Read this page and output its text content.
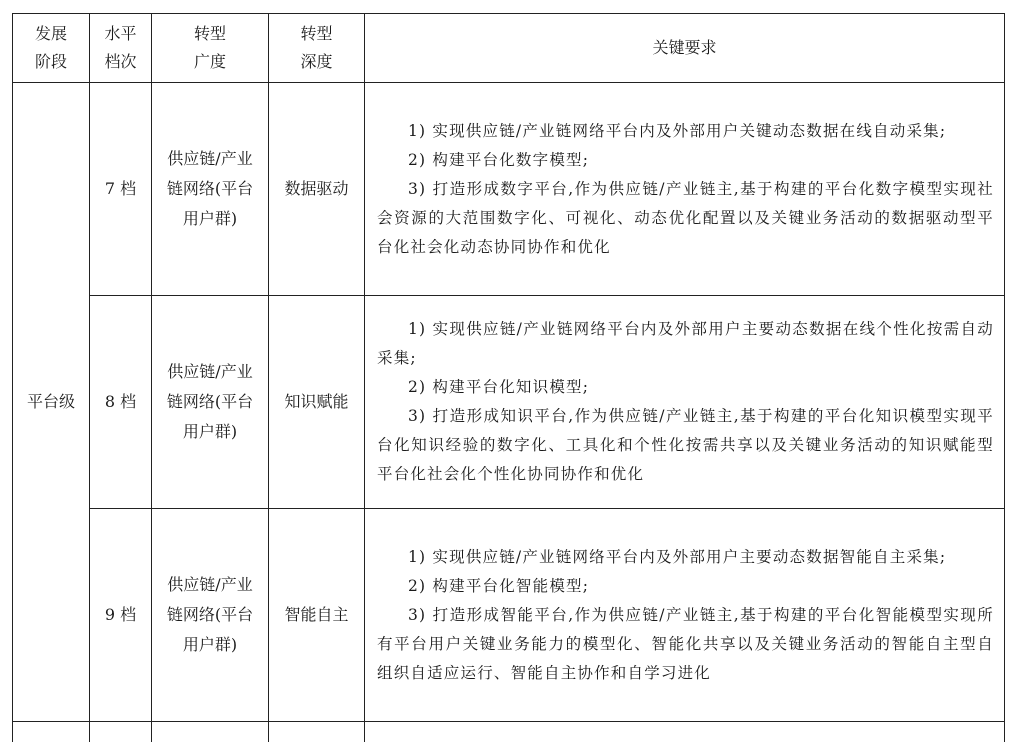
发展阶段	水平档次	转型广度	转型深度	关键要求
平台级	7 档	供应链/产业链网络(平台用户群)	数据驱动	1) 实现供应链/产业链网络平台内及外部用户关键动态数据在线自动采集;
2) 构建平台化数字模型;
3) 打造形成数字平台,作为供应链/产业链主,基于构建的平台化数字模型实现社会资源的大范围数字化、可视化、动态优化配置以及关键业务活动的数据驱动型平台化社会化动态协同协作和优化

	8 档	供应链/产业链网络(平台用户群)	知识赋能	1) 实现供应链/产业链网络平台内及外部用户主要动态数据在线个性化按需自动采集;
2) 构建平台化知识模型;
3) 打造形成知识平台,作为供应链/产业链主,基于构建的平台化知识模型实现平台化知识经验的数字化、工具化和个性化按需共享以及关键业务活动的知识赋能型平台化社会化个性化协同协作和优化

	9 档	供应链/产业链网络(平台用户群)	智能自主	1) 实现供应链/产业链网络平台内及外部用户主要动态数据智能自主采集;
2) 构建平台化智能模型;
3) 打造形成智能平台,作为供应链/产业链主,基于构建的平台化智能模型实现所有平台用户关键业务能力的模型化、智能化共享以及关键业务活动的智能自主型自组织自适应运行、智能自主协作和自学习进化
